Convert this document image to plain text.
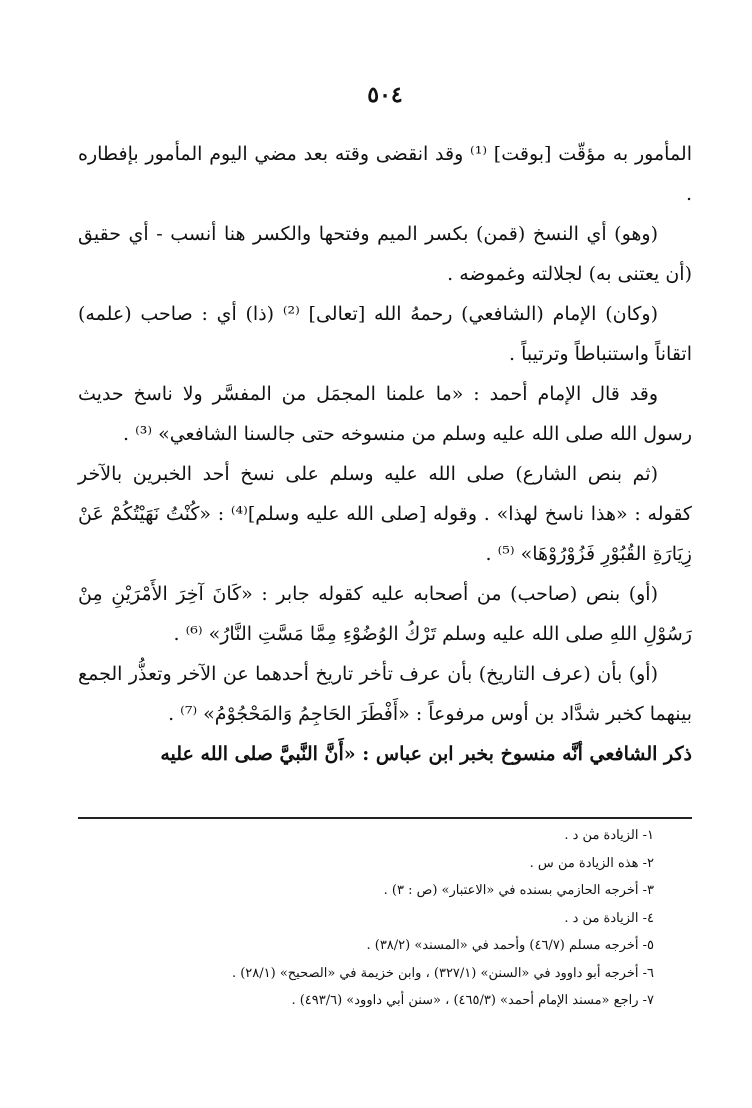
٥٠٤

المأمور به مؤقّت [بوقت] ⁽¹⁾ وقد انقضى وقته بعد مضي اليوم المأمور بإفطاره .

(وهو) أي النسخ (قمن) بكسر الميم وفتحها والكسر هنا أنسب - أي حقيق (أن يعتنى به) لجلالته وغموضه .

(وكان) الإمام (الشافعي) رحمهُ الله [تعالى] ⁽²⁾ (ذا) أي : صاحب (علمه) اتقاناً واستنباطاً وترتيباً .

وقد قال الإمام أحمد : «ما علمنا المجمَل من المفسَّر ولا ناسخ حديث رسول الله صلى الله عليه وسلم من منسوخه حتى جالسنا الشافعي» ⁽³⁾ .

(ثم بنص الشارع) صلى الله عليه وسلم على نسخ أحد الخبرين بالآخر كقوله : «هذا ناسخ لهذا» . وقوله [صلى الله عليه وسلم]⁽⁴⁾ : «كُنْتُ نَهَيْتُكُمْ عَنْ زِيَارَةِ القُبُوْرِ فَزُوْرُوْهَا» ⁽⁵⁾ .

(أو) بنص (صاحب) من أصحابه عليه كقوله جابر : «كَانَ آخِرَ الأَمْرَيْنِ مِنْ رَسُوْلِ اللهِ صلى الله عليه وسلم تَرْكُ الوُضُوْءِ مِمَّا مَسَّتِ النَّارُ» ⁽⁶⁾ .

(أو) بأن (عرف التاريخ) بأن عرف تأخر تاريخ أحدهما عن الآخر وتعذُّر الجمع بينهما كخبر شدَّاد بن أوس مرفوعاً : «أَفْطَرَ الحَاجِمُ وَالمَحْجُوْمُ» ⁽⁷⁾ .

ذكر الشافعي أنَّه منسوخ بخبر ابن عباس : «أَنَّ النَّبيَّ صلى الله عليه

١- الزيادة من د .
٢- هذه الزيادة من س .
٣- أخرجه الحازمي بسنده في «الاعتبار» (ص : ٣) .
٤- الزيادة من د .
٥- أخرجه مسلم (٤٦/٧) وأحمد في «المسند» (٣٨/٢) .
٦- أخرجه أبو داوود في «السنن» (٣٢٧/١) ، وابن خزيمة في «الصحيح» (٢٨/١) .
٧- راجع «مسند الإمام أحمد» (٤٦٥/٣) ، «سنن أبي داوود» (٤٩٣/٦) .
